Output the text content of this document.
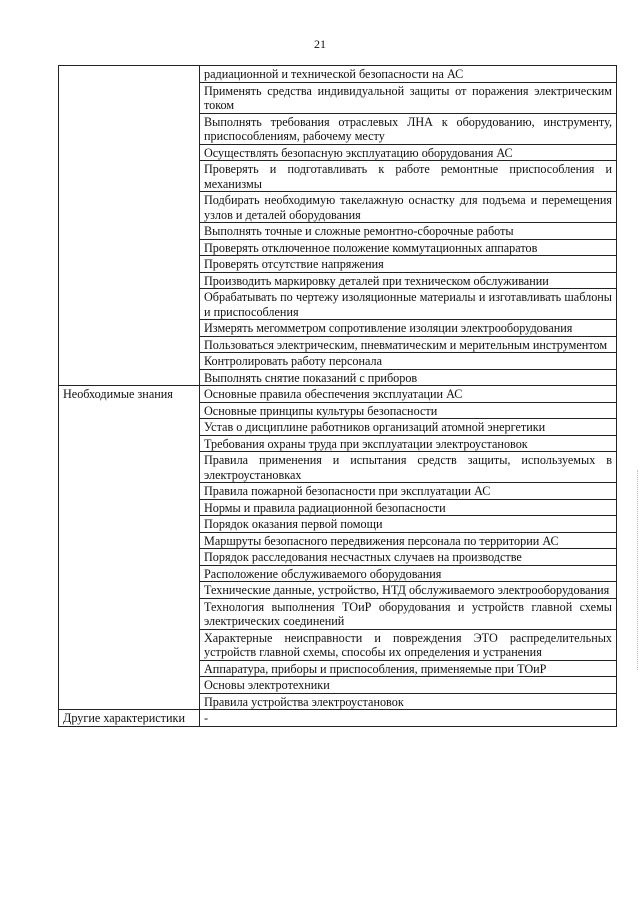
21
	радиационной и технической безопасности на АС
	Применять средства индивидуальной защиты от поражения электрическим током
	Выполнять требования отраслевых ЛНА к оборудованию, инструменту, приспособлениям, рабочему месту
	Осуществлять безопасную эксплуатацию оборудования АС
	Проверять и подготавливать к работе ремонтные приспособления и механизмы
	Подбирать необходимую такелажную оснастку для подъема и перемещения узлов и деталей оборудования
	Выполнять точные и сложные ремонтно-сборочные работы
	Проверять отключенное положение коммутационных аппаратов
	Проверять отсутствие напряжения
	Производить маркировку деталей при техническом обслуживании
	Обрабатывать по чертежу изоляционные материалы и изготавливать шаблоны и приспособления
	Измерять мегомметром сопротивление изоляции электрооборудования
	Пользоваться электрическим, пневматическим и мерительным инструментом
	Контролировать работу персонала
	Выполнять снятие показаний с приборов
Необходимые знания	Основные правила обеспечения эксплуатации АС
	Основные принципы культуры безопасности
	Устав о дисциплине работников организаций атомной энергетики
	Требования охраны труда при эксплуатации электроустановок
	Правила применения и испытания средств защиты, используемых в электроустановках
	Правила пожарной безопасности при эксплуатации АС
	Нормы и правила радиационной безопасности
	Порядок оказания первой помощи
	Маршруты безопасного передвижения персонала по территории АС
	Порядок расследования несчастных случаев на производстве
	Расположение обслуживаемого оборудования
	Технические данные, устройство, НТД обслуживаемого электрооборудования
	Технология выполнения ТОиР оборудования и устройств главной схемы электрических соединений
	Характерные неисправности и повреждения ЭТО распределительных устройств главной схемы, способы их определения и устранения
	Аппаратура, приборы и приспособления, применяемые при ТОиР
	Основы электротехники
	Правила устройства электроустановок
Другие характеристики	-
